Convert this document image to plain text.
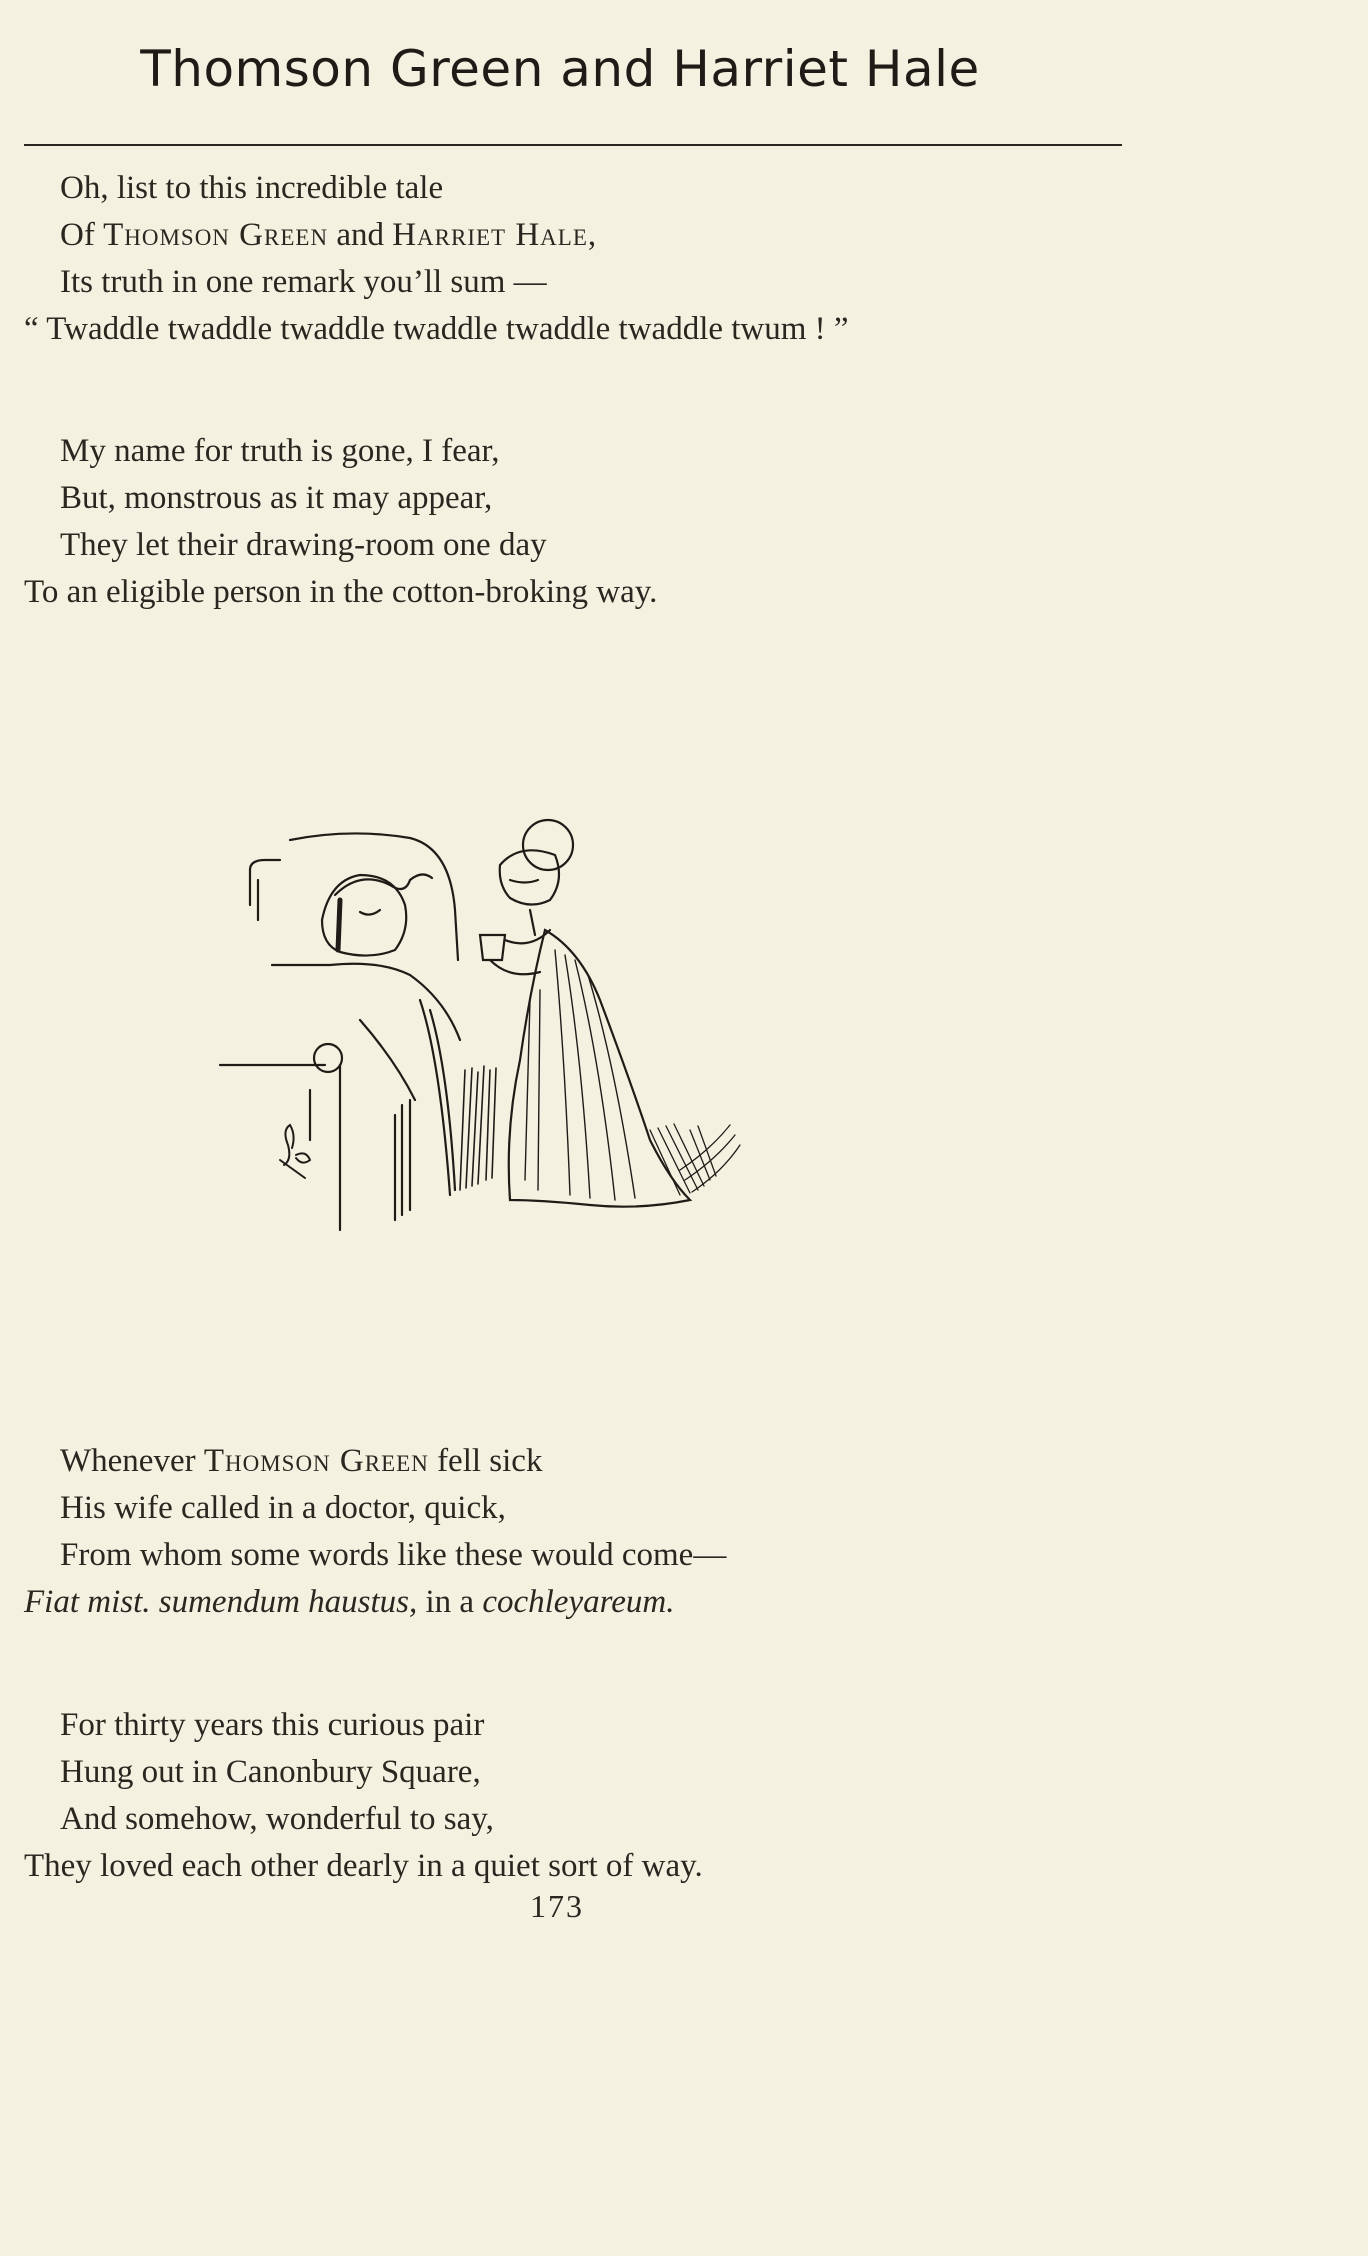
Thomson Green and Harriet Hale
Oh, list to this incredible tale
Of Thomson Green and Harriet Hale,
Its truth in one remark you’ll sum —
“ Twaddle twaddle twaddle twaddle twaddle twaddle twum ! ”
My name for truth is gone, I fear,
But, monstrous as it may appear,
They let their drawing-room one day
To an eligible person in the cotton-broking way.
Whenever Thomson Green fell sick
His wife called in a doctor, quick,
From whom some words like these would come—
Fiat mist. sumendum haustus, in a cochleyareum.
For thirty years this curious pair
Hung out in Canonbury Square,
And somehow, wonderful to say,
They loved each other dearly in a quiet sort of way.
173
